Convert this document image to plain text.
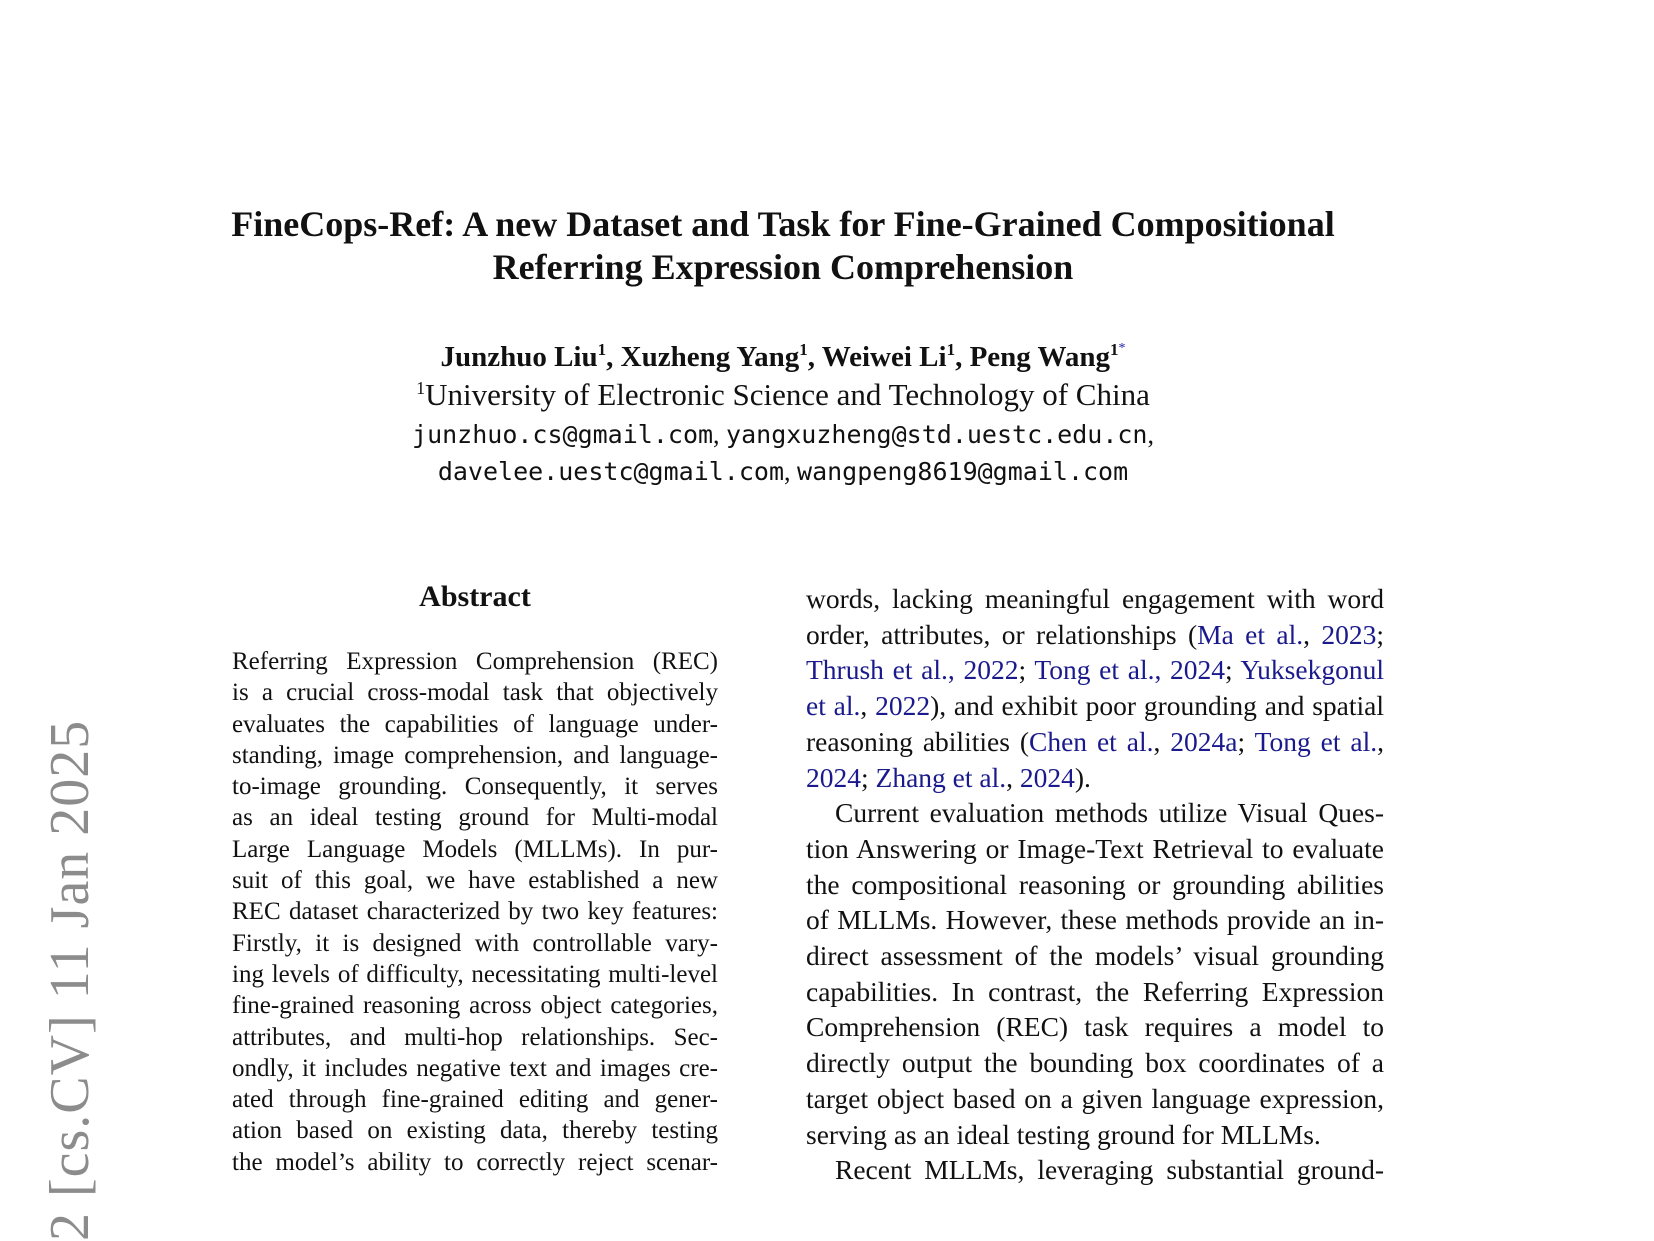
FineCops-Ref: A new Dataset and Task for Fine-Grained Compositional
Referring Expression Comprehension
Junzhuo Liu$^1$, Xuzheng Yang$^1$, Weiwei Li$^1$, Peng Wang$^{1*}$
$^1$University of Electronic Science and Technology of China
junzhuo.cs@gmail.com, yangxuzheng@std.uestc.edu.cn,
davelee.uestc@gmail.com, wangpeng8619@gmail.com
2 [cs.CV] 11 Jan 2025
Abstract
Referring Expression Comprehension (REC)
is a crucial cross-modal task that objectively
evaluates the capabilities of language under-
standing, image comprehension, and language-
to-image grounding. Consequently, it serves
as an ideal testing ground for Multi-modal
Large Language Models (MLLMs). In pur-
suit of this goal, we have established a new
REC dataset characterized by two key features:
Firstly, it is designed with controllable vary-
ing levels of difficulty, necessitating multi-level
fine-grained reasoning across object categories,
attributes, and multi-hop relationships. Sec-
ondly, it includes negative text and images cre-
ated through fine-grained editing and gener-
ation based on existing data, thereby testing
the model’s ability to correctly reject scenar-

words, lacking meaningful engagement with word
order, attributes, or relationships (Ma et al., 2023;
Thrush et al., 2022; Tong et al., 2024; Yuksekgonul
et al., 2022), and exhibit poor grounding and spatial
reasoning abilities (Chen et al., 2024a; Tong et al.,
2024; Zhang et al., 2024).

Current evaluation methods utilize Visual Ques-
tion Answering or Image-Text Retrieval to evaluate
the compositional reasoning or grounding abilities
of MLLMs. However, these methods provide an in-
direct assessment of the models’ visual grounding
capabilities. In contrast, the Referring Expression
Comprehension (REC) task requires a model to
directly output the bounding box coordinates of a
target object based on a given language expression,
serving as an ideal testing ground for MLLMs.

Recent MLLMs, leveraging substantial ground-
